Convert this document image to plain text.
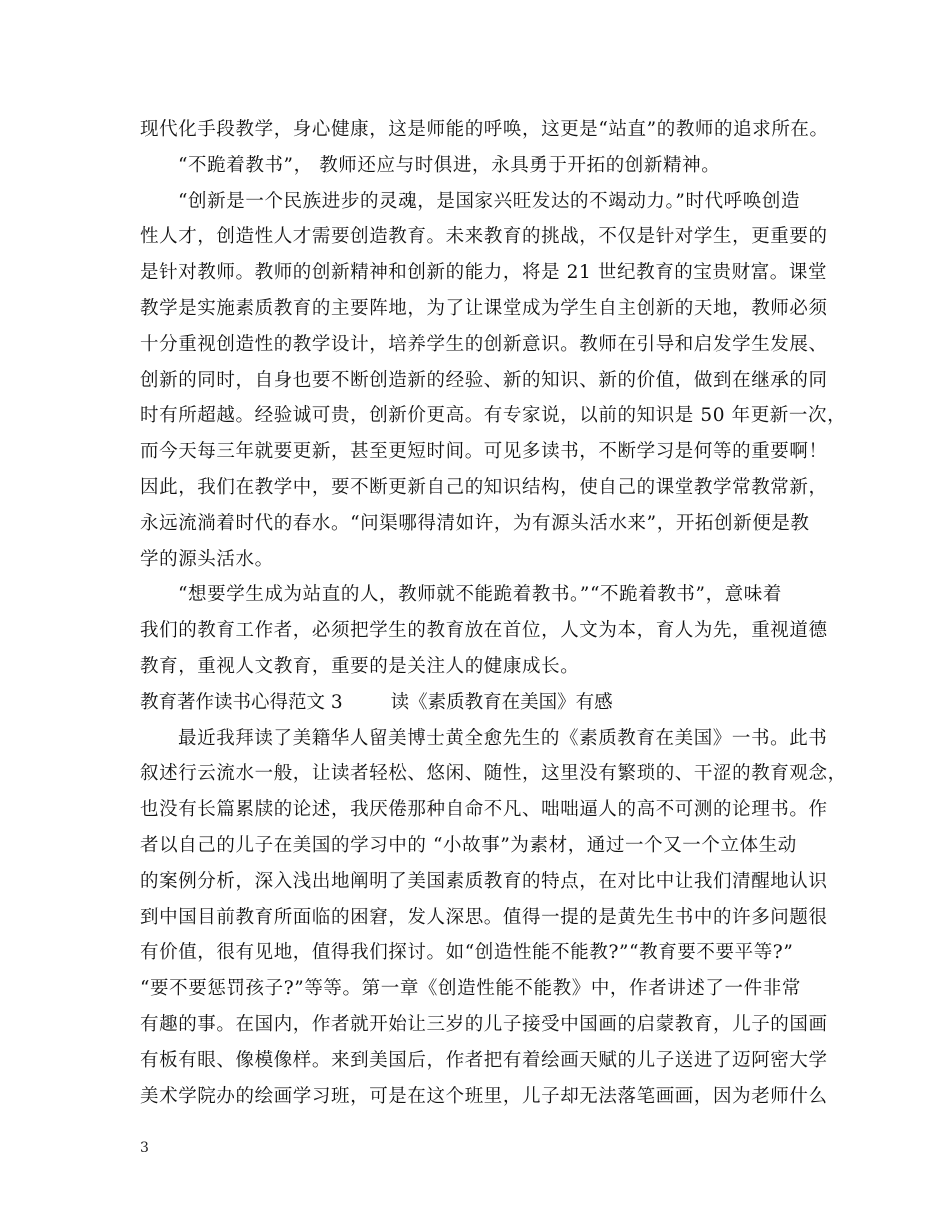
现代化手段教学，身心健康，这是师能的呼唤，这更是“站直”的教师的追求所在。
“不跪着教书”， 教师还应与时俱进，永具勇于开拓的创新精神。
“创新是一个民族进步的灵魂，是国家兴旺发达的不竭动力。”时代呼唤创造
性人才，创造性人才需要创造教育。未来教育的挑战，不仅是针对学生，更重要的
是针对教师。教师的创新精神和创新的能力，将是 21 世纪教育的宝贵财富。课堂
教学是实施素质教育的主要阵地，为了让课堂成为学生自主创新的天地，教师必须
十分重视创造性的教学设计，培养学生的创新意识。教师在引导和启发学生发展、
创新的同时，自身也要不断创造新的经验、新的知识、新的价值，做到在继承的同
时有所超越。经验诚可贵，创新价更高。有专家说，以前的知识是 50 年更新一次，
而今天每三年就要更新，甚至更短时间。可见多读书，不断学习是何等的重要啊！
因此，我们在教学中，要不断更新自己的知识结构，使自己的课堂教学常教常新，
永远流淌着时代的春水。“问渠哪得清如许，为有源头活水来”，开拓创新便是教
学的源头活水。
“想要学生成为站直的人，教师就不能跪着教书。”“不跪着教书”，意味着
我们的教育工作者，必须把学生的教育放在首位，人文为本，育人为先，重视道德
教育，重视人文教育，重要的是关注人的健康成长。
教育著作读书心得范文 3	读《素质教育在美国》有感
最近我拜读了美籍华人留美博士黄全愈先生的《素质教育在美国》一书。此书
叙述行云流水一般，让读者轻松、悠闲、随性，这里没有繁琐的、干涩的教育观念，
也没有长篇累牍的论述，我厌倦那种自命不凡、咄咄逼人的高不可测的论理书。作
者以自己的儿子在美国的学习中的 “小故事”为素材，通过一个又一个立体生动
的案例分析，深入浅出地阐明了美国素质教育的特点，在对比中让我们清醒地认识
到中国目前教育所面临的困窘，发人深思。值得一提的是黄先生书中的许多问题很
有价值，很有见地，值得我们探讨。如“创造性能不能教?”“教育要不要平等?”
“要不要惩罚孩子?”等等。第一章《创造性能不能教》中，作者讲述了一件非常
有趣的事。在国内，作者就开始让三岁的儿子接受中国画的启蒙教育，儿子的国画
有板有眼、像模像样。来到美国后，作者把有着绘画天赋的儿子送进了迈阿密大学
美术学院办的绘画学习班，可是在这个班里，儿子却无法落笔画画，因为老师什么
3
